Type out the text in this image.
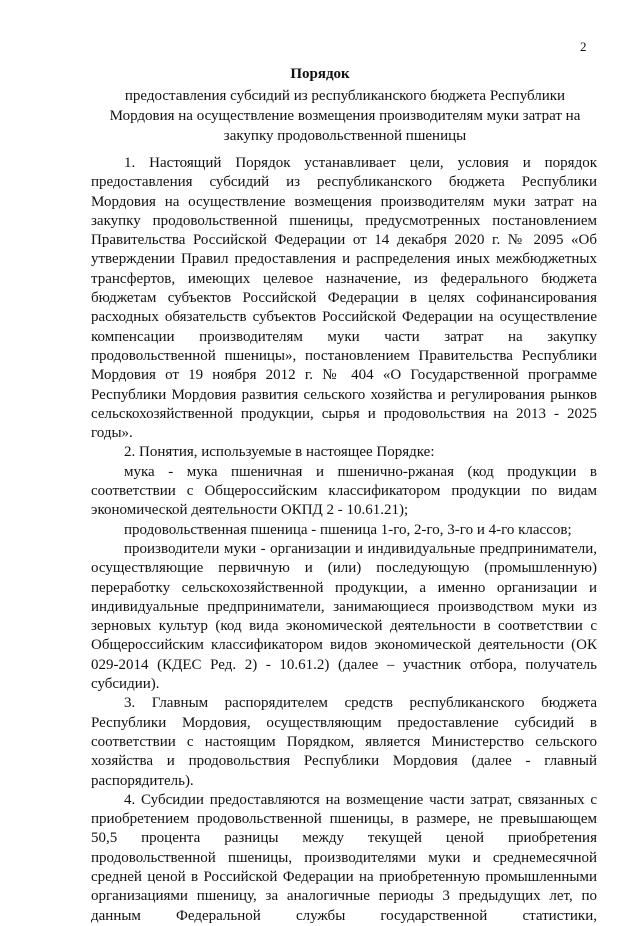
2
Порядок
предоставления субсидий из республиканского бюджета Республики Мордовия на осуществление возмещения производителям муки затрат на закупку продовольственной пшеницы

1. Настоящий Порядок устанавливает цели, условия и порядок предоставления субсидий из республиканского бюджета Республики Мордовия на осуществление возмещения производителям муки затрат на закупку продовольственной пшеницы, предусмотренных постановлением Правительства Российской Федерации от 14 декабря 2020 г. № 2095 «Об утверждении Правил предоставления и распределения иных межбюджетных трансфертов, имеющих целевое назначение, из федерального бюджета бюджетам субъектов Российской Федерации в целях софинансирования расходных обязательств субъектов Российской Федерации на осуществление компенсации производителям муки части затрат на закупку продовольственной пшеницы», постановлением Правительства Республики Мордовия от 19 ноября 2012 г. № 404 «О Государственной программе Республики Мордовия развития сельского хозяйства и регулирования рынков сельскохозяйственной продукции, сырья и продовольствия на 2013 - 2025 годы».

2. Понятия, используемые в настоящее Порядке:

мука - мука пшеничная и пшенично-ржаная (код продукции в соответствии с Общероссийским классификатором продукции по видам экономической деятельности ОКПД 2 - 10.61.21);

продовольственная пшеница - пшеница 1-го, 2-го, 3-го и 4-го классов;

производители муки - организации и индивидуальные предприниматели, осуществляющие первичную и (или) последующую (промышленную) переработку сельскохозяйственной продукции, а именно организации и индивидуальные предприниматели, занимающиеся производством муки из зерновых культур (код вида экономической деятельности в соответствии с Общероссийским классификатором видов экономической деятельности (ОК 029-2014 (КДЕС Ред. 2) - 10.61.2) (далее – участник отбора, получатель субсидии).

3. Главным распорядителем средств республиканского бюджета Республики Мордовия, осуществляющим предоставление субсидий в соответствии с настоящим Порядком, является Министерство сельского хозяйства и продовольствия Республики Мордовия (далее - главный распорядитель).

4. Субсидии предоставляются на возмещение части затрат, связанных с приобретением продовольственной пшеницы, в размере, не превышающем 50,5 процента разницы между текущей ценой приобретения продовольственной пшеницы, производителями муки и среднемесячной средней ценой в Российской Федерации на приобретенную промышленными организациями пшеницу, за аналогичные периоды 3 предыдущих лет, по данным Федеральной службы государственной статистики,
